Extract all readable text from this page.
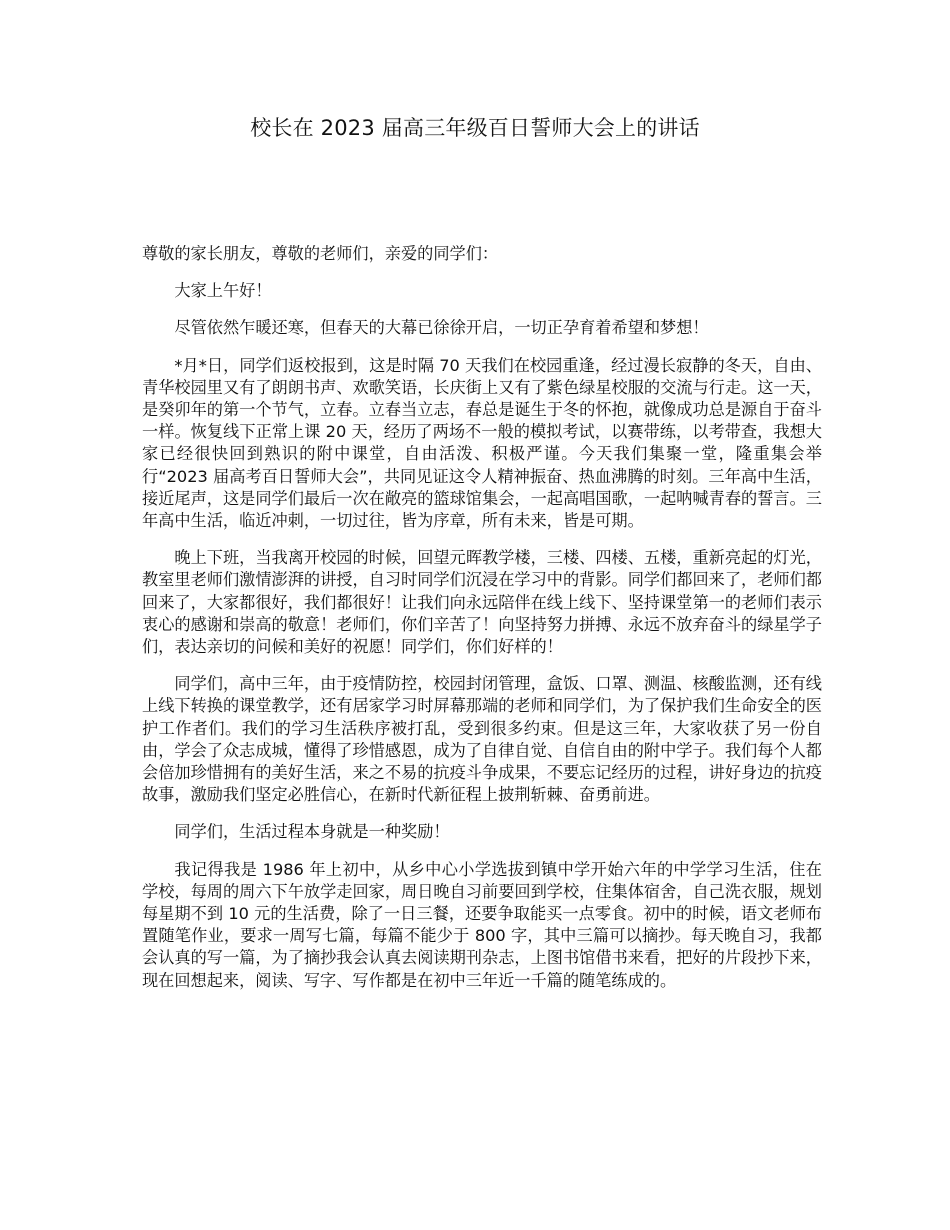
校长在 2023 届高三年级百日誓师大会上的讲话

尊敬的家长朋友，尊敬的老师们，亲爱的同学们：

大家上午好！

尽管依然乍暖还寒，但春天的大幕已徐徐开启，一切正孕育着希望和梦想！

*月*日，同学们返校报到，这是时隔 70 天我们在校园重逢，经过漫长寂静的冬天，自由、青华校园里又有了朗朗书声、欢歌笑语，长庆街上又有了紫色绿星校服的交流与行走。这一天，是癸卯年的第一个节气，立春。立春当立志，春总是诞生于冬的怀抱，就像成功总是源自于奋斗一样。恢复线下正常上课 20 天，经历了两场不一般的模拟考试，以赛带练，以考带查，我想大家已经很快回到熟识的附中课堂，自由活泼、积极严谨。今天我们集聚一堂，隆重集会举行“2023 届高考百日誓师大会”，共同见证这令人精神振奋、热血沸腾的时刻。三年高中生活，接近尾声，这是同学们最后一次在敞亮的篮球馆集会，一起高唱国歌，一起呐喊青春的誓言。三年高中生活，临近冲刺，一切过往，皆为序章，所有未来，皆是可期。

晚上下班，当我离开校园的时候，回望元晖教学楼，三楼、四楼、五楼，重新亮起的灯光，教室里老师们激情澎湃的讲授，自习时同学们沉浸在学习中的背影。同学们都回来了，老师们都回来了，大家都很好，我们都很好！让我们向永远陪伴在线上线下、坚持课堂第一的老师们表示衷心的感谢和崇高的敬意！老师们，你们辛苦了！向坚持努力拼搏、永远不放弃奋斗的绿星学子们，表达亲切的问候和美好的祝愿！同学们，你们好样的！

同学们，高中三年，由于疫情防控，校园封闭管理，盒饭、口罩、测温、核酸监测，还有线上线下转换的课堂教学，还有居家学习时屏幕那端的老师和同学们，为了保护我们生命安全的医护工作者们。我们的学习生活秩序被打乱，受到很多约束。但是这三年，大家收获了另一份自由，学会了众志成城，懂得了珍惜感恩，成为了自律自觉、自信自由的附中学子。我们每个人都会倍加珍惜拥有的美好生活，来之不易的抗疫斗争成果，不要忘记经历的过程，讲好身边的抗疫故事，激励我们坚定必胜信心，在新时代新征程上披荆斩棘、奋勇前进。

同学们，生活过程本身就是一种奖励！

我记得我是 1986 年上初中，从乡中心小学选拔到镇中学开始六年的中学学习生活，住在学校，每周的周六下午放学走回家，周日晚自习前要回到学校，住集体宿舍，自己洗衣服，规划每星期不到 10 元的生活费，除了一日三餐，还要争取能买一点零食。初中的时候，语文老师布置随笔作业，要求一周写七篇，每篇不能少于 800 字，其中三篇可以摘抄。每天晚自习，我都会认真的写一篇，为了摘抄我会认真去阅读期刊杂志，上图书馆借书来看，把好的片段抄下来，现在回想起来，阅读、写字、写作都是在初中三年近一千篇的随笔练成的。
